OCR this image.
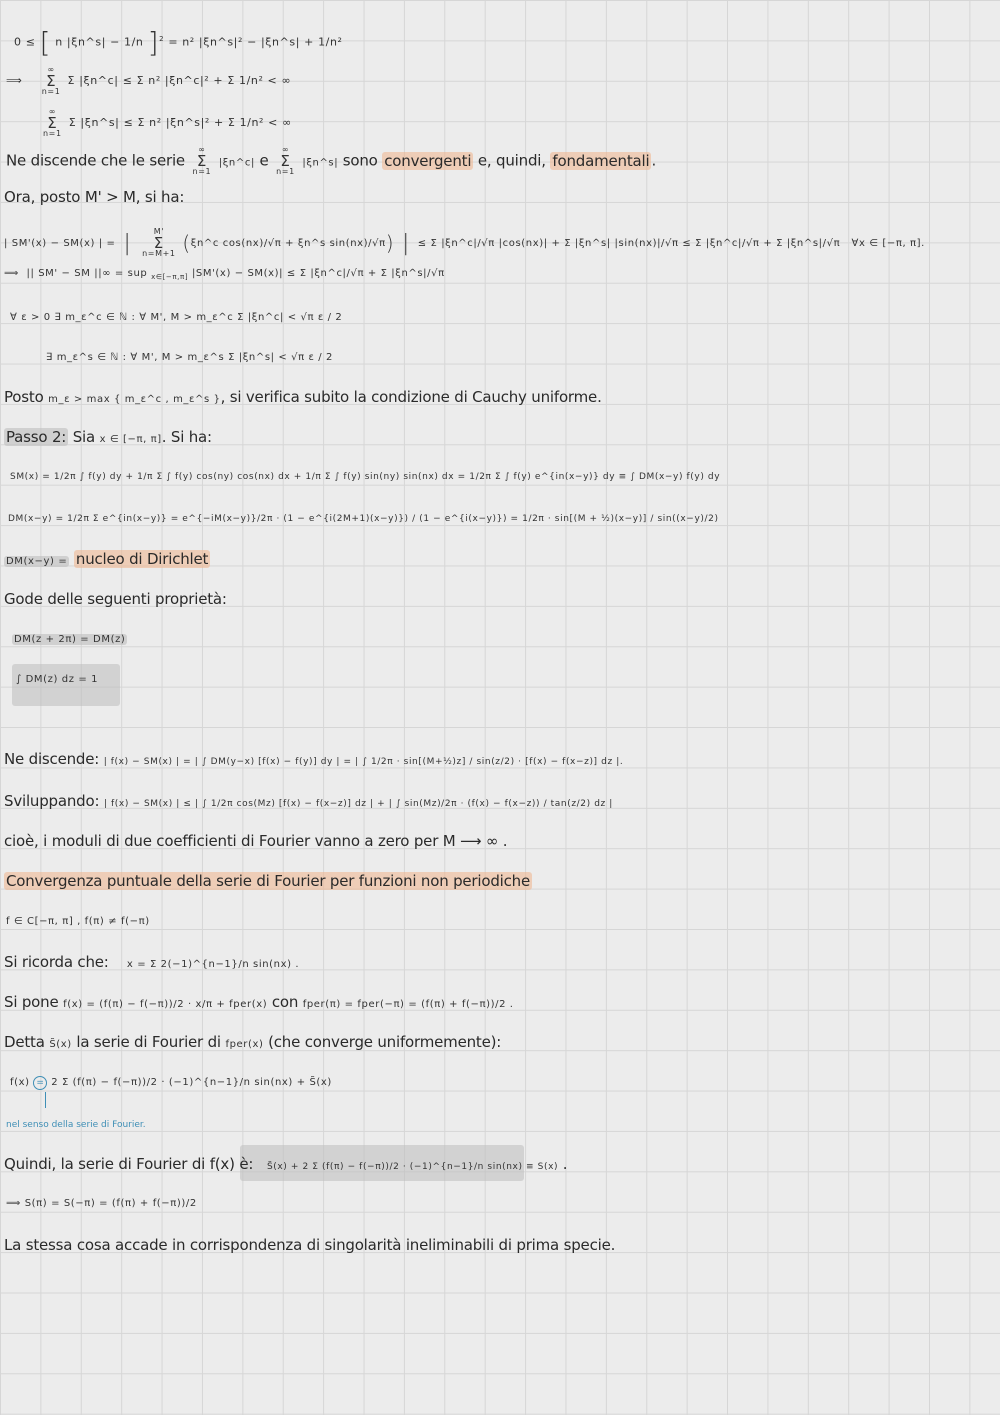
0 ≤ [ n |ξn^s| − 1/n ]$^2$ = n² |ξn^s|² − |ξn^s| + 1/n²
⟹
∞
Σ
n=1
Σ |ξn^c| ≤ Σ n² |ξn^c|² + Σ 1/n² < ∞
∞
Σ
n=1
Σ |ξn^s| ≤ Σ n² |ξn^s|² + Σ 1/n² < ∞
Ne discende che le serie
∞
Σ
n=1
|ξn^c| e
∞
Σ
n=1
|ξn^s| sono convergenti e, quindi, fondamentali .
Ora, posto M' > M, si ha:
| SM'(x) − SM(x) | = |	M'
Σ
n=M+1 (ξn^c cos(nx)/√π + ξn^s sin(nx)/√π) | ≤ Σ |ξn^c|/√π |cos(nx)| + Σ |ξn^s| |sin(nx)|/√π ≤ Σ |ξn^c|/√π + Σ |ξn^s|/√π ∀x ∈ [−π, π].
⟹ || SM' − SM ||∞ = sup $_{x\in[-\pi,\pi]}$ |SM'(x) − SM(x)| ≤ Σ |ξn^c|/√π + Σ |ξn^s|/√π
∀ ε > 0 ∃ m_ε^c ∈ ℕ : ∀ M', M > m_ε^c Σ |ξn^c| < √π ε / 2
∃ m_ε^s ∈ ℕ : ∀ M', M > m_ε^s Σ |ξn^s| < √π ε / 2
Posto m_ε > max { m_ε^c , m_ε^s }, si verifica subito la condizione di Cauchy uniforme.
Passo 2: Sia x ∈ [−π, π]. Si ha:
SM(x) = 1/2π ∫ f(y) dy + 1/π Σ ∫ f(y) cos(ny) cos(nx) dx + 1/π Σ ∫ f(y) sin(ny) sin(nx) dx = 1/2π Σ ∫ f(y) e^{in(x−y)} dy ≡ ∫ DM(x−y) f(y) dy
DM(x−y) = 1/2π Σ e^{in(x−y)} = e^{−iM(x−y)}/2π · (1 − e^{i(2M+1)(x−y)}) / (1 − e^{i(x−y)}) = 1/2π · sin[(M + ½)(x−y)] / sin((x−y)/2)
DM(x−y) = nucleo di Dirichlet
Gode delle seguenti proprietà:
DM(z + 2π) = DM(z)
∫ DM(z) dz = 1
Ne discende: | f(x) − SM(x) | = | ∫ DM(y−x) [f(x) − f(y)] dy | = | ∫ 1/2π · sin[(M+½)z] / sin(z/2) · [f(x) − f(x−z)] dz |.
Sviluppando: | f(x) − SM(x) | ≤ | ∫ 1/2π cos(Mz) [f(x) − f(x−z)] dz | + | ∫ sin(Mz)/2π · (f(x) − f(x−z)) / tan(z/2) dz |
cioè, i moduli di due coefficienti di Fourier vanno a zero per M ⟶ ∞ .
Convergenza puntuale della serie di Fourier per funzioni non periodiche
f ∈ C[−π, π] , f(π) ≠ f(−π)
Si ricorda che: x = Σ 2(−1)^{n−1}/n sin(nx) .
Si pone f(x) = (f(π) − f(−π))/2 · x/π + fper(x) con fper(π) = fper(−π) = (f(π) + f(−π))/2 .
Detta S̃(x) la serie di Fourier di fper(x) (che converge uniformemente):
f(x) = 2 Σ (f(π) − f(−π))/2 · (−1)^{n−1}/n sin(nx) + S̃(x)
nel senso della serie di Fourier.
Quindi, la serie di Fourier di f(x) è: S̃(x) + 2 Σ (f(π) − f(−π))/2 · (−1)^{n−1}/n sin(nx) ≡ S(x) .
⟹ S(π) = S(−π) = (f(π) + f(−π))/2
La stessa cosa accade in corrispondenza di singolarità ineliminabili di prima specie.
